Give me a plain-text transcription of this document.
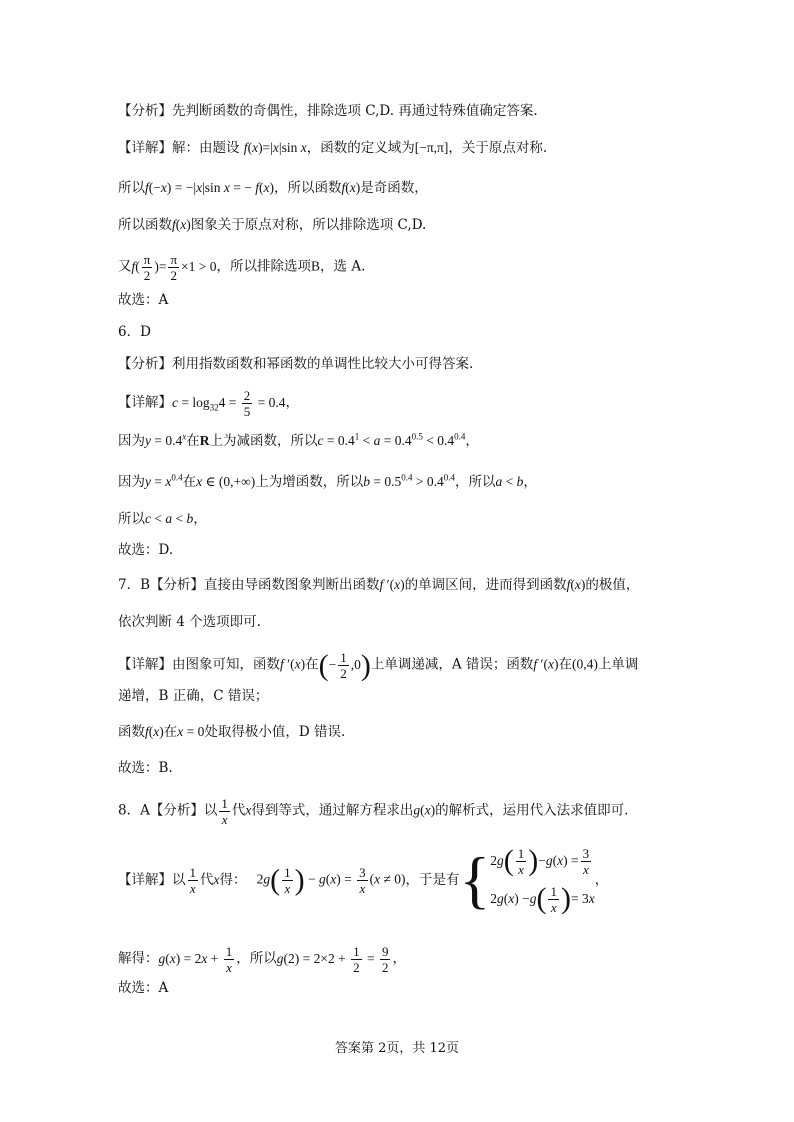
【分析】先判断函数的奇偶性，排除选项 C,D. 再通过特殊值确定答案.
【详解】解：由题设 f(x)=|x|sin x，函数的定义域为[−π,π]，关于原点对称.
所以f(−x) = −|x|sin x = − f(x)，所以函数f(x)是奇函数，
所以函数f(x)图象关于原点对称，所以排除选项 C,D.
又$f( \frac{\pi}{2}$ )= $\frac{\pi}{2} \times 1 > 0$，所以排除选项B，选 A.
故选：A
6．D
【分析】利用指数函数和幂函数的单调性比较大小可得答案.
【详解】$c = \log_{32}4 = \frac{2}{5} = 0.4$，
因为$y = 0.4^x$在R上为减函数，所以$c = 0.4^1 < a = 0.4^{0.5} < 0.4^{0.4}$，
因为$y = x^{0.4}$在x ∈ (0,+∞)上为增函数，所以$b = 0.5^{0.4} > 0.4^{0.4}$，所以a < b，
所以c < a < b，
故选：D.
7．B【分析】直接由导函数图象判断出函数f ′(x)的单调区间，进而得到函数f(x)的极值，
依次判断 4 个选项即可.
【详解】由图象可知，函数f ′(x)在(− $\frac{1}{2} ,0$)上单调递减，A 错误；函数f ′(x)在(0,4)上单调
递增，B 正确，C 错误；
函数f(x)在x = 0处取得极小值，D 错误.
故选：B.
8．A【分析】以 $\frac{1}{x}$ 代x得到等式，通过解方程求出g(x)的解析式，运用代入法求值即可.
【详解】 以 $\frac{1}{x}$ 代 x 得： $2g( \frac{1}{x}$ ) − $g(x) = \frac{3}{x} (x \ne 0)$ ，于是有 { 2 g ( $\frac{1}{x}$ ) − g ( x ) = $\frac{3}{x}$
2 g ( x ) − g ( $\frac{1}{x}$ ) = 3 x
，
解得：$g(x) = 2x + \frac{1}{x}$ ，所以$g(2) = 2\times 2 + \frac{1}{2} = \frac{9}{2}$ ，
故选：A
答案第 2页，共 12页
